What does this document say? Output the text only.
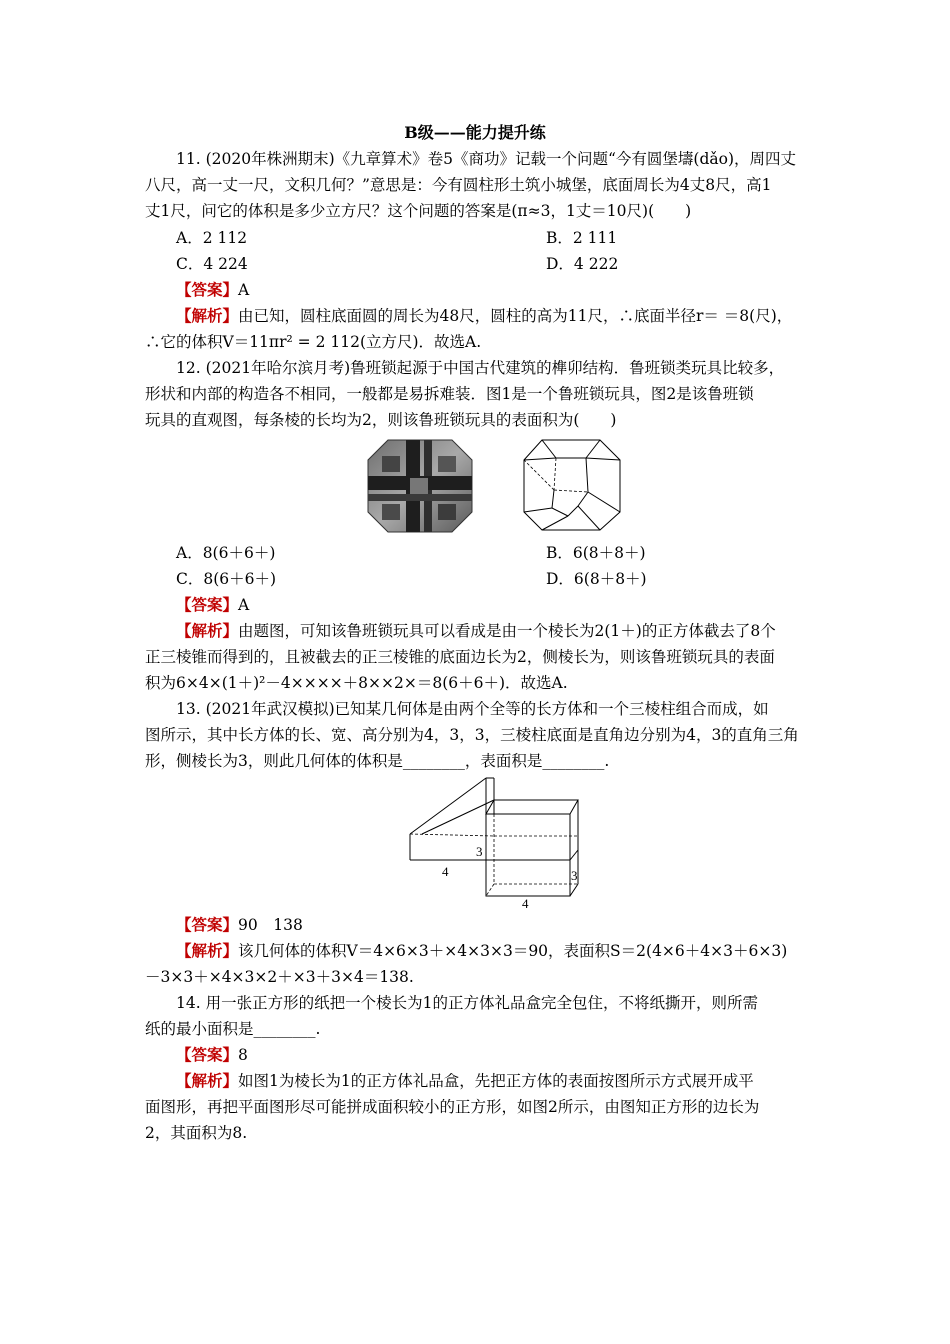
B级——能力提升练
11. (2020年株洲期末)《九章算术》卷5《商功》记载一个问题“今有圆堡壔(dǎo)，周四丈
八尺，高一丈一尺，文积几何？”意思是：今有圆柱形土筑小城堡，底面周长为4丈8尺，高1
丈1尺，问它的体积是多少立方尺？这个问题的答案是(π≈3，1丈＝10尺)(　　)
A．2 112	B．2 111
C．4 224	D．4 222
【答案】A
【解析】由已知，圆柱底面圆的周长为48尺，圆柱的高为11尺，∴底面半径r＝ ＝8(尺)，
∴它的体积V＝11πr² = 2 112(立方尺)．故选A.
12. (2021年哈尔滨月考)鲁班锁起源于中国古代建筑的榫卯结构．鲁班锁类玩具比较多，
形状和内部的构造各不相同，一般都是易拆难装．图1是一个鲁班锁玩具，图2是该鲁班锁
玩具的直观图，每条棱的长均为2，则该鲁班锁玩具的表面积为(　　)
A．8(6＋6＋)	B．6(8＋8＋)
C．8(6＋6＋)	D．6(8＋8＋)
【答案】A
【解析】由题图，可知该鲁班锁玩具可以看成是由一个棱长为2(1＋)的正方体截去了8个
正三棱锥而得到的，且被截去的正三棱锥的底面边长为2，侧棱长为，则该鲁班锁玩具的表面
积为6×4×(1＋)²－4××××＋8××2×＝8(6＋6＋)．故选A.
13. (2021年武汉模拟)已知某几何体是由两个全等的长方体和一个三棱柱组合而成，如
图所示，其中长方体的长、宽、高分别为4，3，3，三棱柱底面是直角边分别为4，3的直角三角
形，侧棱长为3，则此几何体的体积是________，表面积是________.
3
3
4
4
【答案】90　138
【解析】该几何体的体积V＝4×6×3＋×4×3×3＝90，表面积S＝2(4×6＋4×3＋6×3)
－3×3＋×4×3×2＋×3＋3×4＝138.
14. 用一张正方形的纸把一个棱长为1的正方体礼品盒完全包住，不将纸撕开，则所需
纸的最小面积是________.
【答案】8
【解析】如图1为棱长为1的正方体礼品盒，先把正方体的表面按图所示方式展开成平
面图形，再把平面图形尽可能拼成面积较小的正方形，如图2所示，由图知正方形的边长为
2，其面积为8.
